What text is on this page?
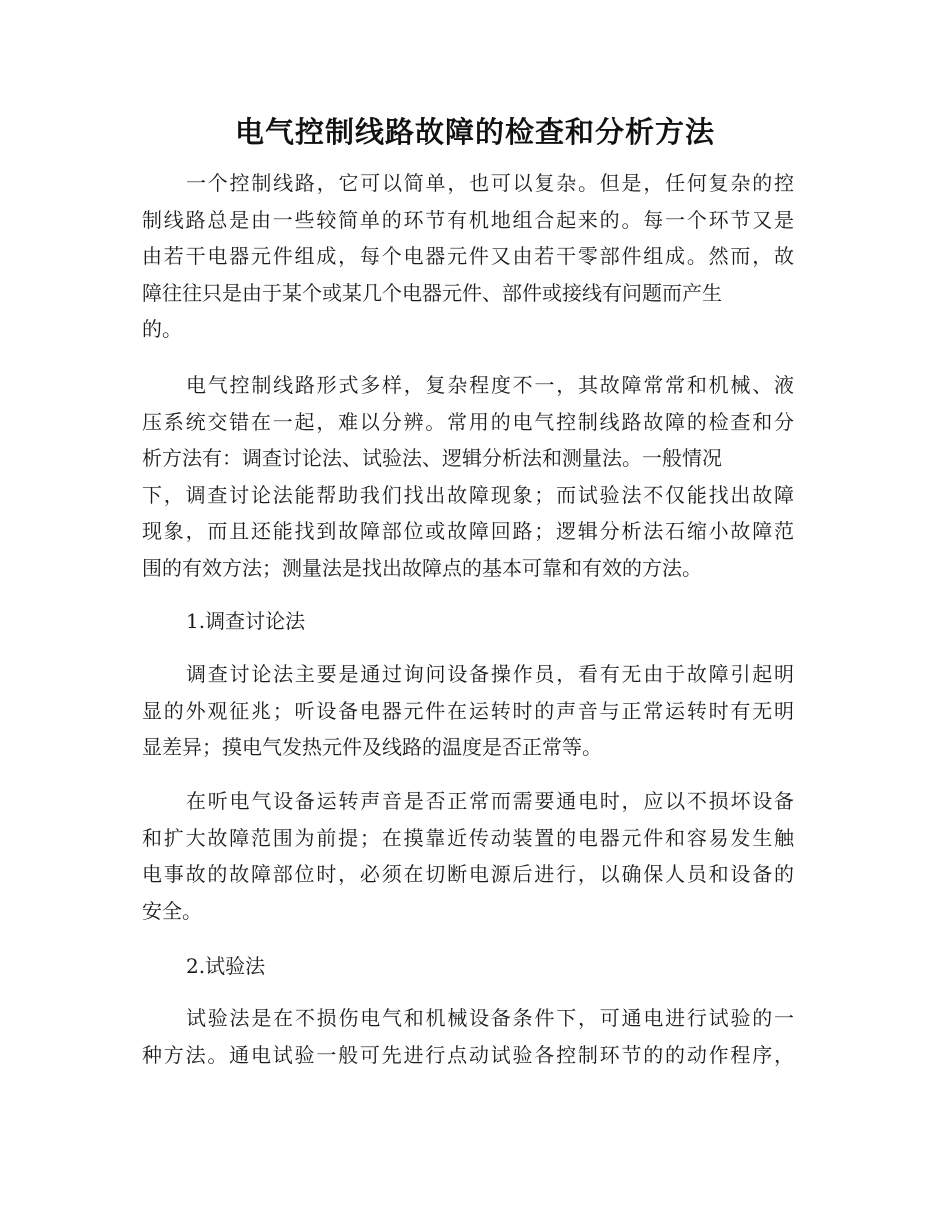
电气控制线路故障的检查和分析方法
一个控制线路，它可以简单，也可以复杂。但是，任何复杂的控
制线路总是由一些较简单的环节有机地组合起来的。每一个环节又是
由若干电器元件组成，每个电器元件又由若干零部件组成。然而，故
障往往只是由于某个或某几个电器元件、部件或接线有问题而产生
的。
电气控制线路形式多样，复杂程度不一，其故障常常和机械、液
压系统交错在一起，难以分辨。常用的电气控制线路故障的检查和分
析方法有：调查讨论法、试验法、逻辑分析法和测量法。一般情况
下，调查讨论法能帮助我们找出故障现象；而试验法不仅能找出故障
现象，而且还能找到故障部位或故障回路；逻辑分析法石缩小故障范
围的有效方法；测量法是找出故障点的基本可靠和有效的方法。
1.调查讨论法
调查讨论法主要是通过询问设备操作员，看有无由于故障引起明
显的外观征兆；听设备电器元件在运转时的声音与正常运转时有无明
显差异；摸电气发热元件及线路的温度是否正常等。
在听电气设备运转声音是否正常而需要通电时，应以不损坏设备
和扩大故障范围为前提；在摸靠近传动装置的电器元件和容易发生触
电事故的故障部位时，必须在切断电源后进行，以确保人员和设备的
安全。
2.试验法
试验法是在不损伤电气和机械设备条件下，可通电进行试验的一
种方法。通电试验一般可先进行点动试验各控制环节的的动作程序，
